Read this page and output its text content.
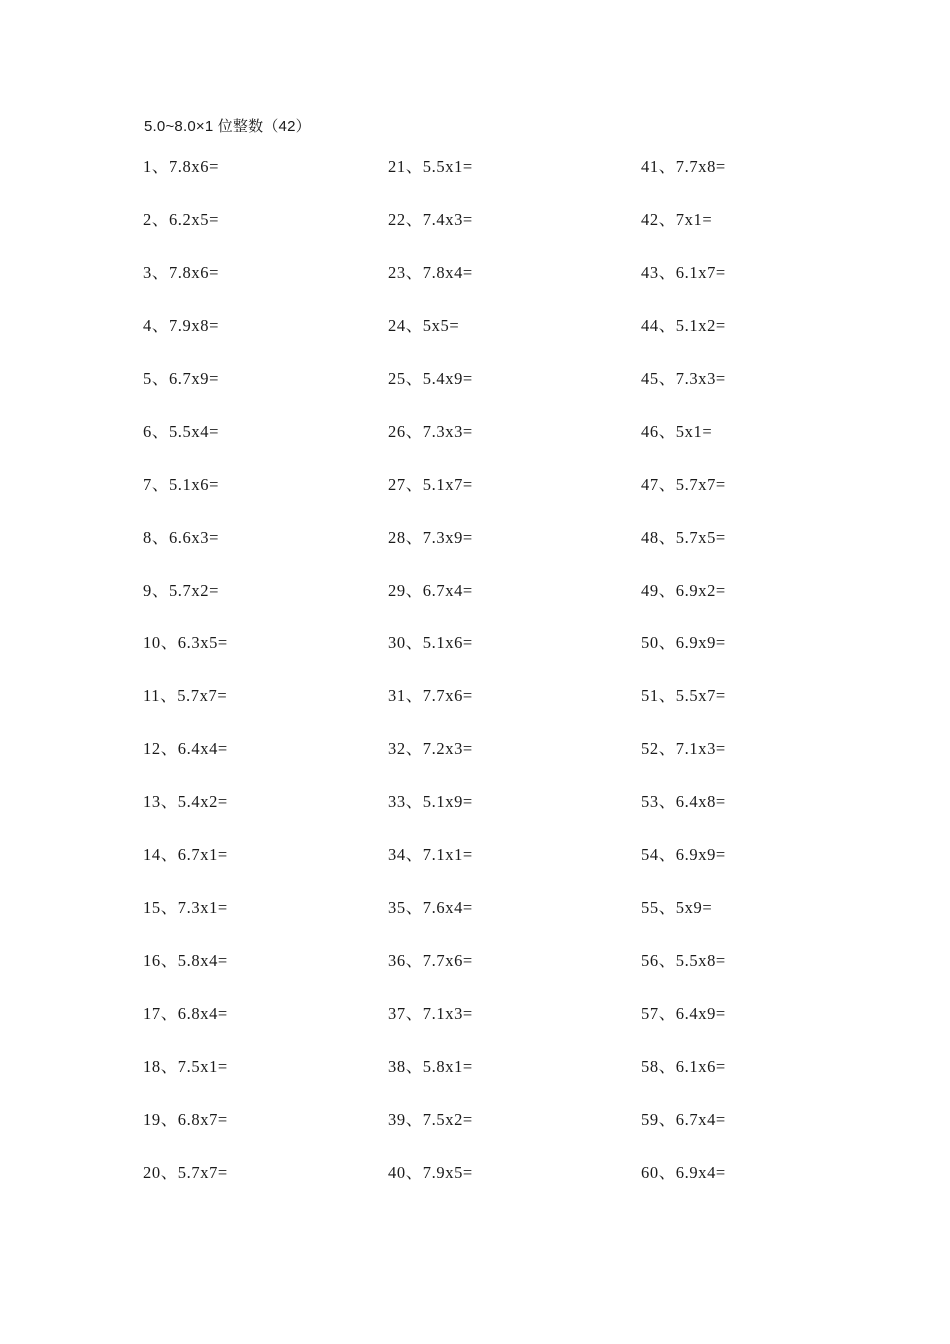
5.0~8.0×1 位整数（42）
1、7.8x6=
2、6.2x5=
3、7.8x6=
4、7.9x8=
5、6.7x9=
6、5.5x4=
7、5.1x6=
8、6.6x3=
9、5.7x2=
10、6.3x5=
11、5.7x7=
12、6.4x4=
13、5.4x2=
14、6.7x1=
15、7.3x1=
16、5.8x4=
17、6.8x4=
18、7.5x1=
19、6.8x7=
20、5.7x7=
21、5.5x1=
22、7.4x3=
23、7.8x4=
24、5x5=
25、5.4x9=
26、7.3x3=
27、5.1x7=
28、7.3x9=
29、6.7x4=
30、5.1x6=
31、7.7x6=
32、7.2x3=
33、5.1x9=
34、7.1x1=
35、7.6x4=
36、7.7x6=
37、7.1x3=
38、5.8x1=
39、7.5x2=
40、7.9x5=
41、7.7x8=
42、7x1=
43、6.1x7=
44、5.1x2=
45、7.3x3=
46、5x1=
47、5.7x7=
48、5.7x5=
49、6.9x2=
50、6.9x9=
51、5.5x7=
52、7.1x3=
53、6.4x8=
54、6.9x9=
55、5x9=
56、5.5x8=
57、6.4x9=
58、6.1x6=
59、6.7x4=
60、6.9x4=
